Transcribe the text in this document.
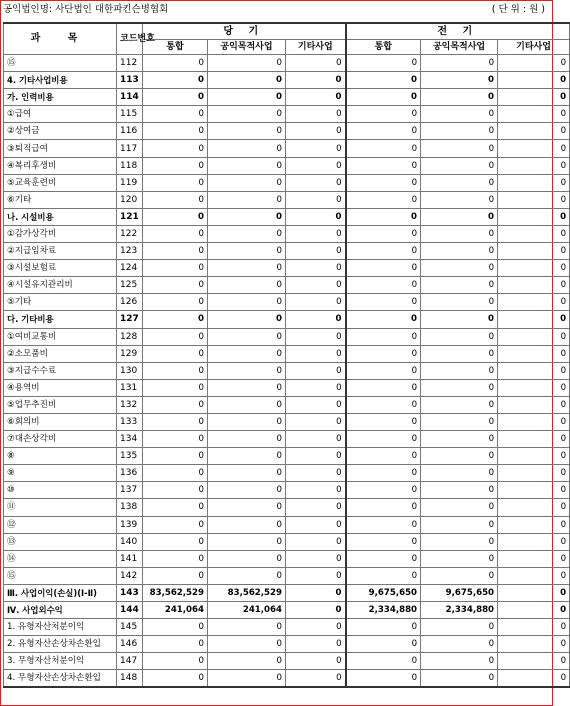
공익법인명: 사단법인 대한파킨슨병협회	( 단 위 : 원 )
과 목	코드번호	당 기			전 기		
		통합	공익목적사업	기타사업	통합	공익목적사업	기타사업
⑮	112	0	0	0	0	0	0
4. 기타사업비용	113	0	0	0	0	0	0
가. 인력비용	114	0	0	0	0	0	0
①급여	115	0	0	0	0	0	0
②상여금	116	0	0	0	0	0	0
③퇴직급여	117	0	0	0	0	0	0
④복리후생비	118	0	0	0	0	0	0
⑤교육훈련비	119	0	0	0	0	0	0
⑥기타	120	0	0	0	0	0	0
나. 시설비용	121	0	0	0	0	0	0
①감가상각비	122	0	0	0	0	0	0
②지급임차료	123	0	0	0	0	0	0
③시설보험료	124	0	0	0	0	0	0
④시설유지관리비	125	0	0	0	0	0	0
⑤기타	126	0	0	0	0	0	0
다. 기타비용	127	0	0	0	0	0	0
①여비교통비	128	0	0	0	0	0	0
②소모품비	129	0	0	0	0	0	0
③지급수수료	130	0	0	0	0	0	0
④용역비	131	0	0	0	0	0	0
⑤업무추진비	132	0	0	0	0	0	0
⑥회의비	133	0	0	0	0	0	0
⑦대손상각비	134	0	0	0	0	0	0
⑧	135	0	0	0	0	0	0
⑨	136	0	0	0	0	0	0
⑩	137	0	0	0	0	0	0
⑪	138	0	0	0	0	0	0
⑫	139	0	0	0	0	0	0
⑬	140	0	0	0	0	0	0
⑭	141	0	0	0	0	0	0
⑮	142	0	0	0	0	0	0
Ⅲ. 사업이익(손실)(Ⅰ-Ⅱ)	143	83,562,529	83,562,529	0	9,675,650	9,675,650	0
Ⅳ. 사업외수익	144	241,064	241,064	0	2,334,880	2,334,880	0
1. 유형자산처분이익	145	0	0	0	0	0	0
2. 유형자산손상차손환입	146	0	0	0	0	0	0
3. 무형자산처분이익	147	0	0	0	0	0	0
4. 무형자산손상차손환입	148	0	0	0	0	0	0
